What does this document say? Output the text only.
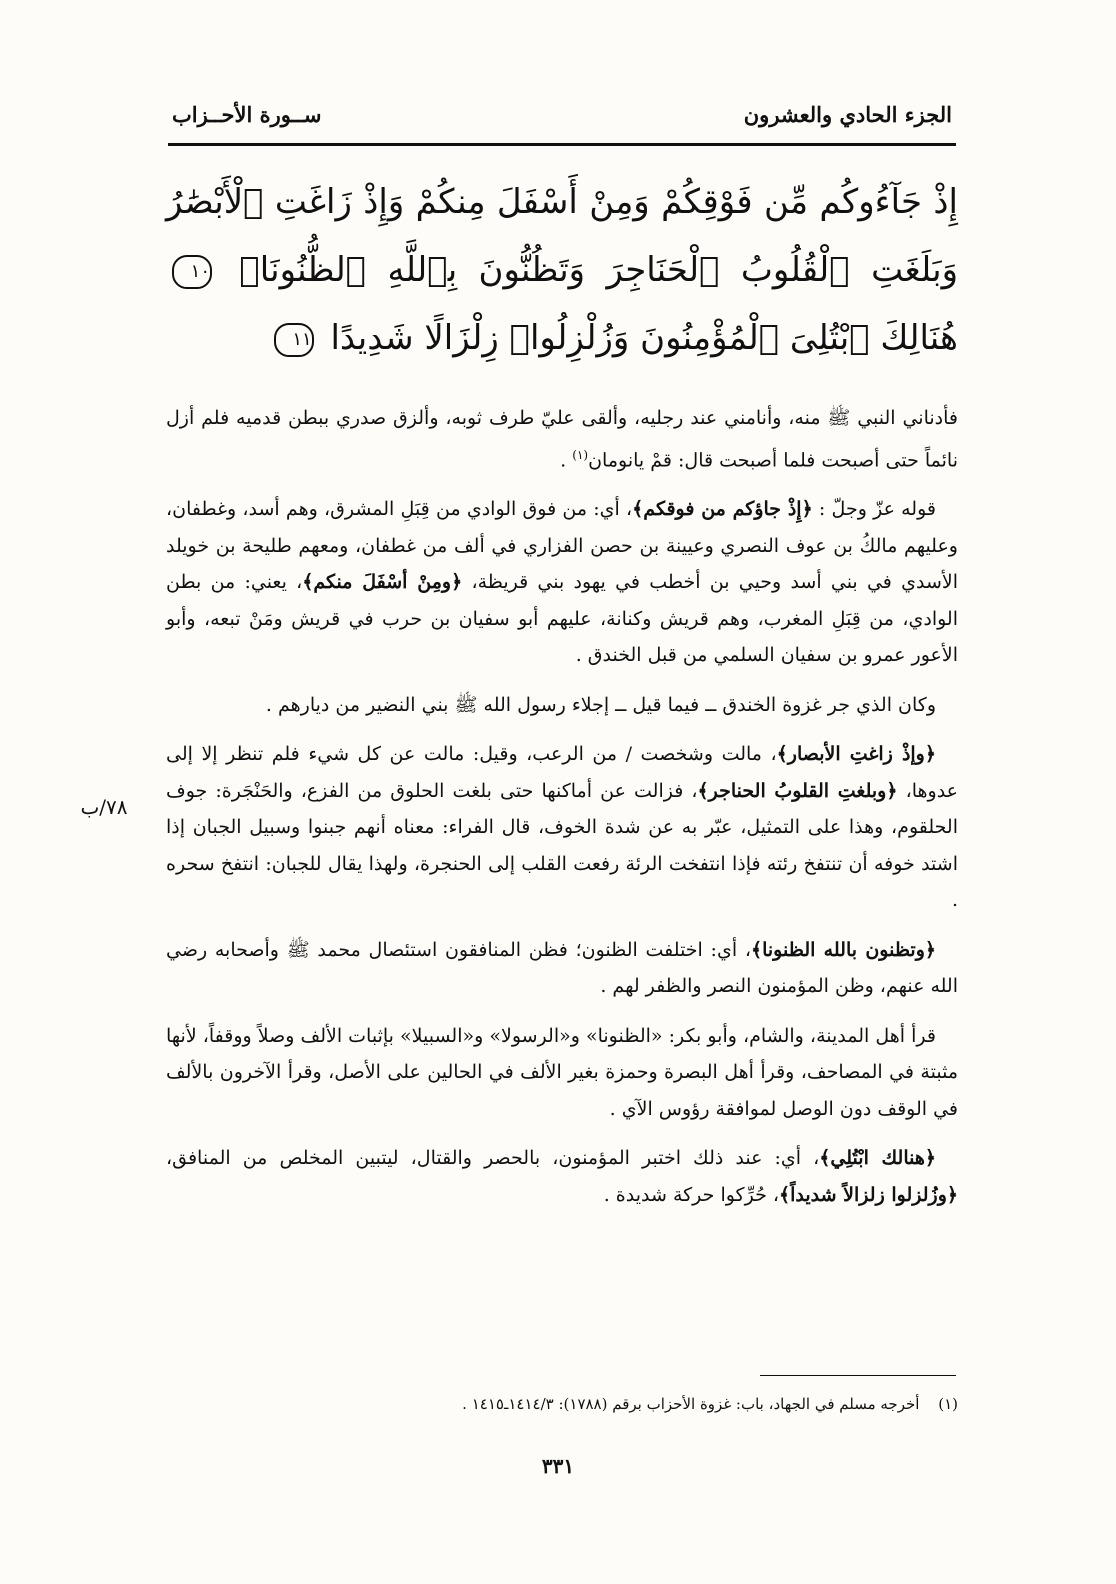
الجزء الحادي والعشرون
ســورة الأحــزاب
إِذْ جَآءُوكُم مِّن فَوْقِكُمْ وَمِنْ أَسْفَلَ مِنكُمْ وَإِذْ زَاغَتِ ٱلْأَبْصَٰرُ وَبَلَغَتِ ٱلْقُلُوبُ ٱلْحَنَاجِرَ وَتَظُنُّونَ بِٱللَّهِ ٱلظُّنُونَا۠ ١٠ هُنَالِكَ ٱبْتُلِىَ ٱلْمُؤْمِنُونَ وَزُلْزِلُوا۟ زِلْزَالًا شَدِيدًا ١١

فأدناني النبي ﷺ منه، وأنامني عند رجليه، وألقى عليّ طرف ثوبه، وألزق صدري ببطن قدميه فلم أزل نائماً حتى أصبحت فلما أصبحت قال: قمْ يانومان$^{(١)}$ .

قوله عزّ وجلّ : ﴿إِذْ جاؤكم من فوقكم﴾، أي: من فوق الوادي من قِبَلِ المشرق، وهم أسد، وغطفان، وعليهم مالكُ بن عوف النصري وعيينة بن حصن الفزاري في ألف من غطفان، ومعهم طليحة بن خويلد الأسدي في بني أسد وحيي بن أخطب في يهود بني قريظة، ﴿ومِنْ أسْفَلَ منكم﴾، يعني: من بطن الوادي، من قِبَلِ المغرب، وهم قريش وكنانة، عليهم أبو سفيان بن حرب في قريش ومَنْ تبعه، وأبو الأعور عمرو بن سفيان السلمي من قبل الخندق .

وكان الذي جر غزوة الخندق ــ فيما قيل ــ إجلاء رسول الله ﷺ بني النضير من ديارهم .

﴿وإذْ زاغتِ الأبصار﴾، مالت وشخصت / من الرعب، وقيل: مالت عن كل شيء فلم تنظر إلا إلى عدوها، ﴿وبلغتِ القلوبُ الحناجر﴾، فزالت عن أماكنها حتى بلغت الحلوق من الفزع، والحَنْجَرة: جوف الحلقوم، وهذا على التمثيل، عبّر به عن شدة الخوف، قال الفراء: معناه أنهم جبنوا وسبيل الجبان إذا اشتد خوفه أن تنتفخ رئته فإذا انتفخت الرئة رفعت القلب إلى الحنجرة، ولهذا يقال للجبان: انتفخ سحره .

﴿وتظنون بالله الظنونا﴾، أي: اختلفت الظنون؛ فظن المنافقون استئصال محمد ﷺ وأصحابه رضي الله عنهم، وظن المؤمنون النصر والظفر لهم .

قرأ أهل المدينة، والشام، وأبو بكر: «الظنونا» و«الرسولا» و«السبيلا» بإثبات الألف وصلاً ووقفاً، لأنها مثبتة في المصاحف، وقرأ أهل البصرة وحمزة بغير الألف في الحالين على الأصل، وقرأ الآخرون بالألف في الوقف دون الوصل لموافقة رؤوس الآي .

﴿هنالك ابْتُلِي﴾، أي: عند ذلك اختبر المؤمنون، بالحصر والقتال، ليتبين المخلص من المنافق، ﴿وزُلزلوا زلزالاً شديداً﴾، حُرِّكوا حركة شديدة .

٧٨/ب
(١) أخرجه مسلم في الجهاد، باب: غزوة الأحزاب برقم (١٧٨٨): ١٤١٤/٣ـ١٤١٥ .
٣٣١
